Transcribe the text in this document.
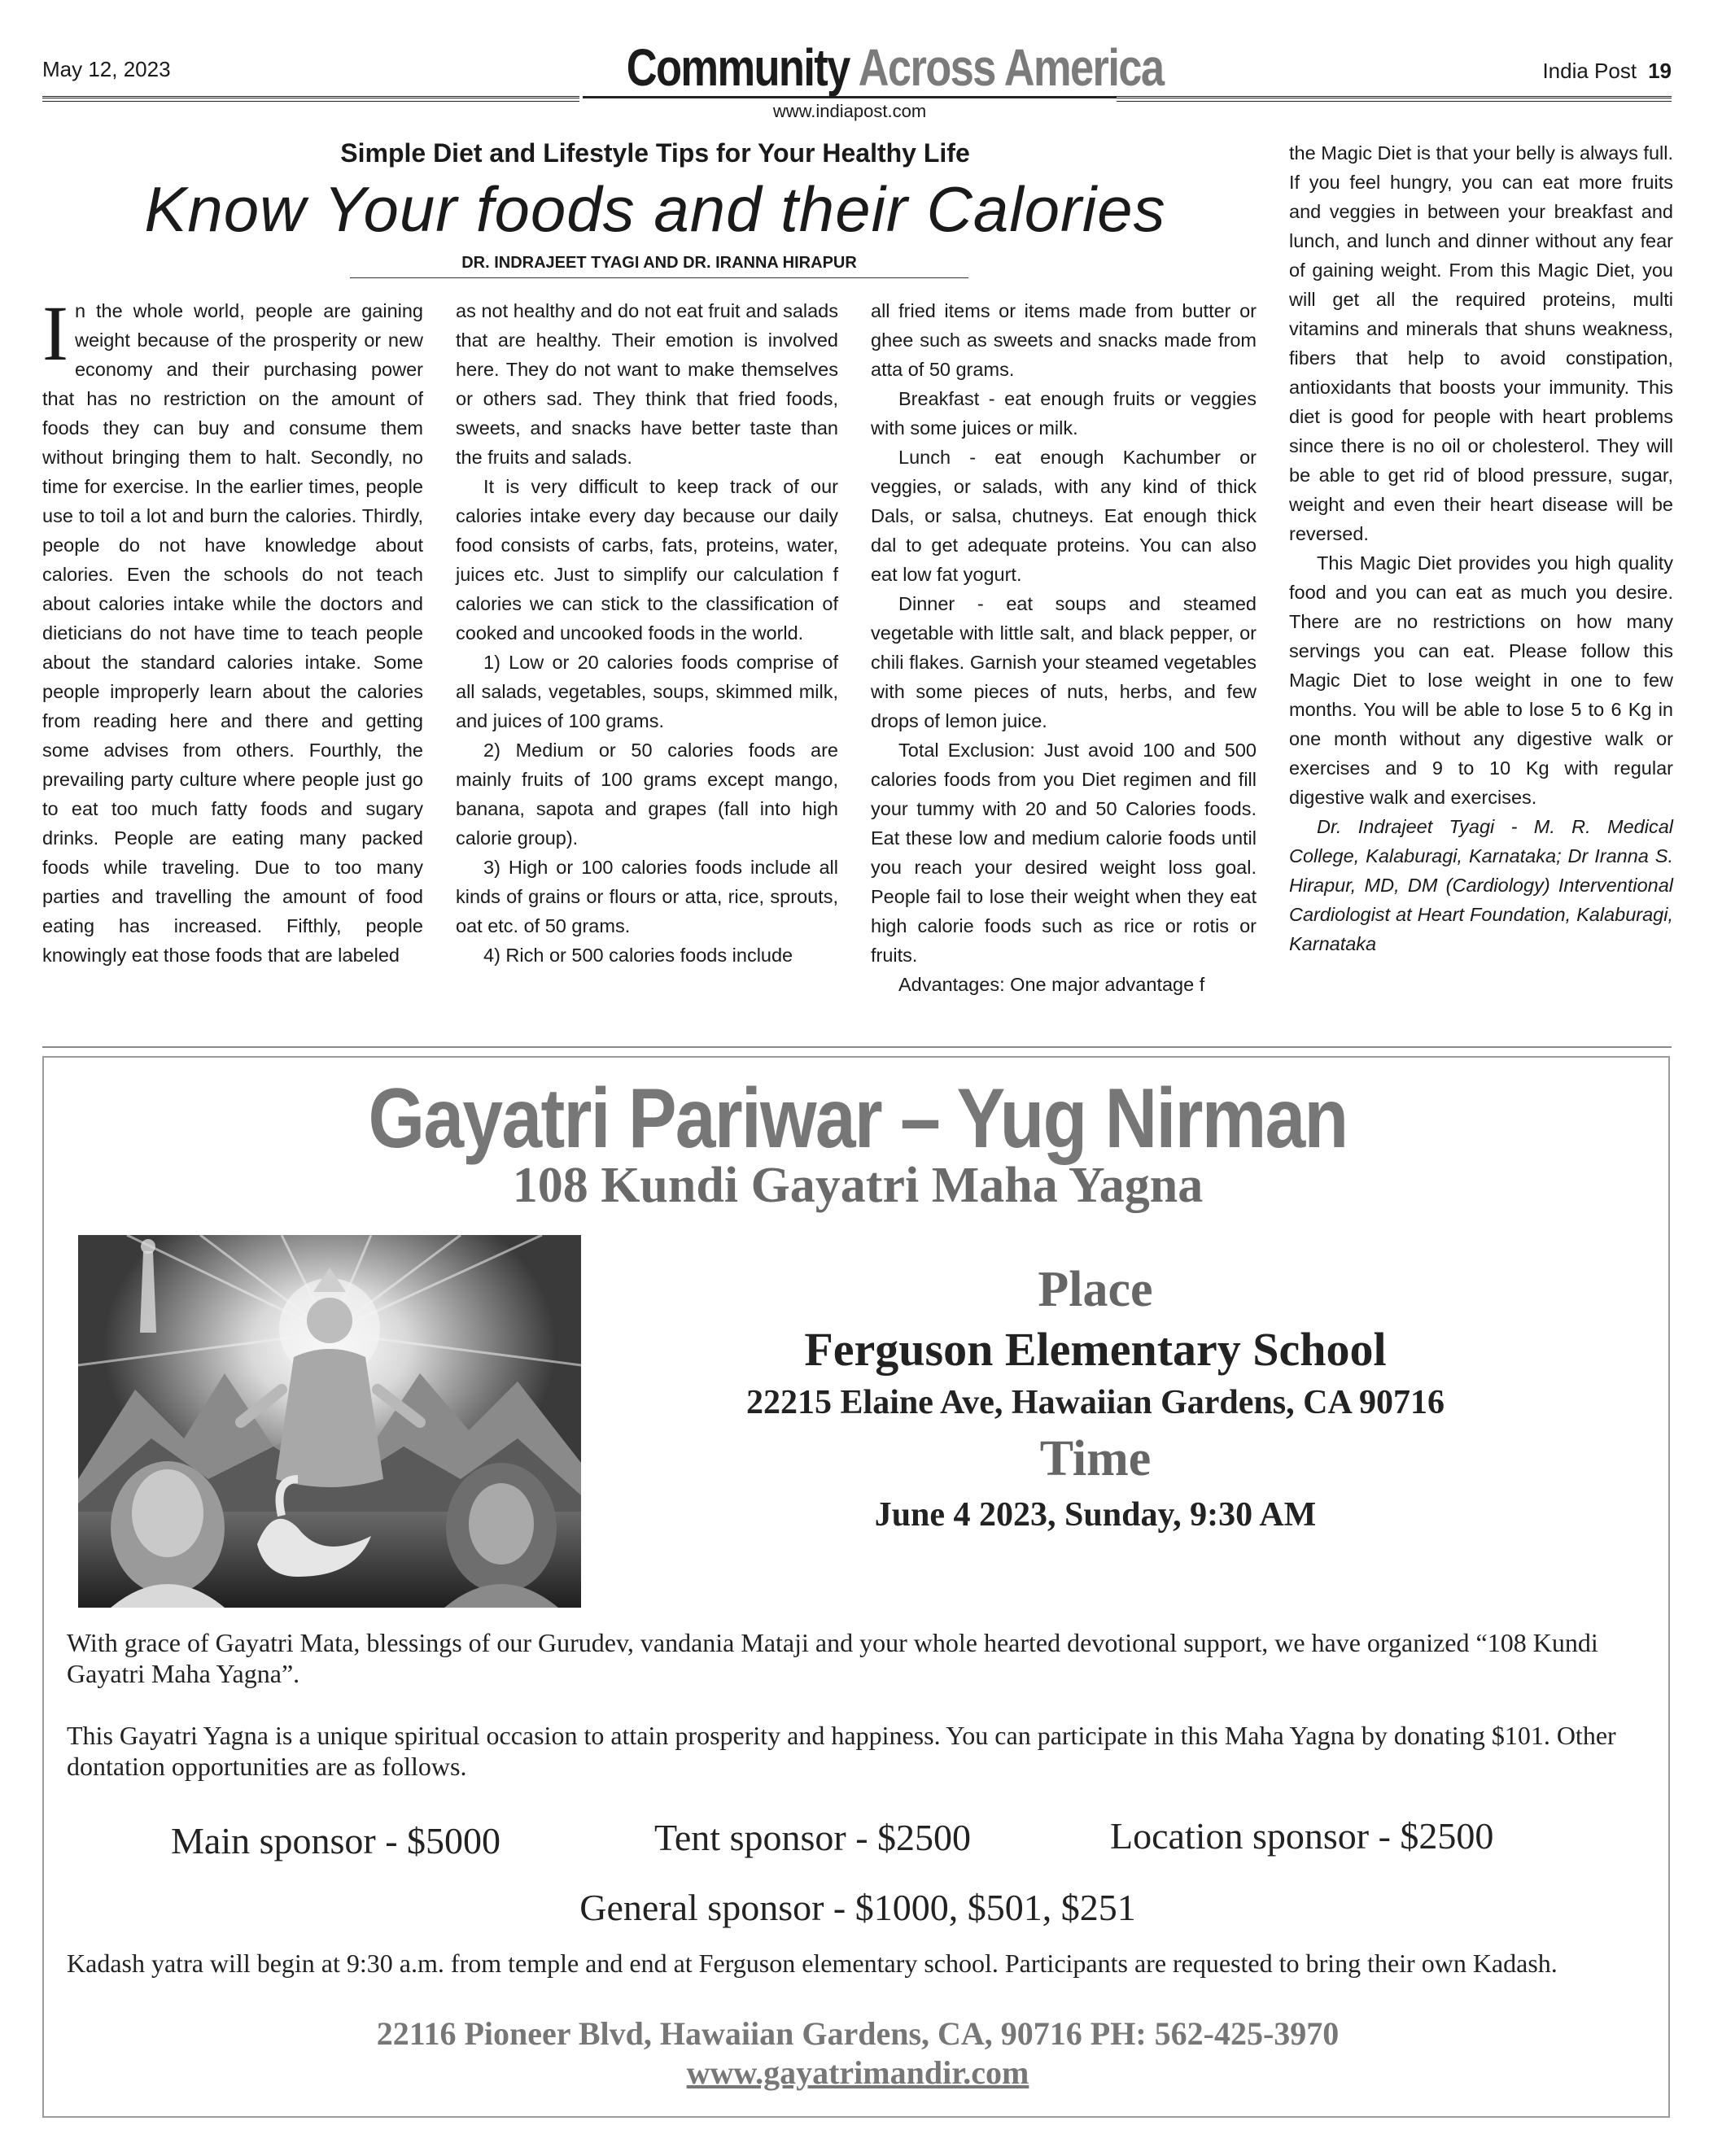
May 12, 2023	Community Across America
www.indiapost.com
India Post 19
Simple Diet and Lifestyle Tips for Your Healthy Life
Know Your foods and their Calories
DR. INDRAJEET TYAGI AND DR. IRANNA HIRAPUR

In the whole world, people are gaining weight because of the prosperity or new economy and their purchasing power that has no restriction on the amount of foods they can buy and consume them without bringing them to halt. Secondly, no time for exercise. In the earlier times, people use to toil a lot and burn the calories. Thirdly, people do not have knowledge about calories. Even the schools do not teach about calories intake while the doctors and dieticians do not have time to teach people about the standard calories intake. Some people improperly learn about the calories from reading here and there and getting some advises from others. Fourthly, the prevailing party culture where people just go to eat too much fatty foods and sugary drinks. People are eating many packed foods while traveling. Due to too many parties and travelling the amount of food eating has increased. Fifthly, people knowingly eat those foods that are labeled

as not healthy and do not eat fruit and salads that are healthy. Their emotion is involved here. They do not want to make themselves or others sad. They think that fried foods, sweets, and snacks have better taste than the fruits and salads.

It is very difficult to keep track of our calories intake every day because our daily food consists of carbs, fats, proteins, water, juices etc. Just to simplify our calculation f calories we can stick to the classification of cooked and uncooked foods in the world.

1) Low or 20 calories foods comprise of all salads, vegetables, soups, skimmed milk, and juices of 100 grams.

2) Medium or 50 calories foods are mainly fruits of 100 grams except mango, banana, sapota and grapes (fall into high calorie group).

3) High or 100 calories foods include all kinds of grains or flours or atta, rice, sprouts, oat etc. of 50 grams.

4) Rich or 500 calories foods include

all fried items or items made from butter or ghee such as sweets and snacks made from atta of 50 grams.

Breakfast - eat enough fruits or veggies with some juices or milk.

Lunch - eat enough Kachumber or veggies, or salads, with any kind of thick Dals, or salsa, chutneys. Eat enough thick dal to get adequate proteins. You can also eat low fat yogurt.

Dinner - eat soups and steamed vegetable with little salt, and black pepper, or chili flakes. Garnish your steamed vegetables with some pieces of nuts, herbs, and few drops of lemon juice.

Total Exclusion: Just avoid 100 and 500 calories foods from you Diet regimen and fill your tummy with 20 and 50 Calories foods. Eat these low and medium calorie foods until you reach your desired weight loss goal. People fail to lose their weight when they eat high calorie foods such as rice or rotis or fruits.

Advantages: One major advantage f

the Magic Diet is that your belly is always full. If you feel hungry, you can eat more fruits and veggies in between your breakfast and lunch, and lunch and dinner without any fear of gaining weight. From this Magic Diet, you will get all the required proteins, multi vitamins and minerals that shuns weakness, fibers that help to avoid constipation, antioxidants that boosts your immunity. This diet is good for people with heart problems since there is no oil or cholesterol. They will be able to get rid of blood pressure, sugar, weight and even their heart disease will be reversed.

This Magic Diet provides you high quality food and you can eat as much you desire. There are no restrictions on how many servings you can eat. Please follow this Magic Diet to lose weight in one to few months. You will be able to lose 5 to 6 Kg in one month without any digestive walk or exercises and 9 to 10 Kg with regular digestive walk and exercises.

Dr. Indrajeet Tyagi - M. R. Medical College, Kalaburagi, Karnataka; Dr Iranna S. Hirapur, MD, DM (Cardiology) Interventional Cardiologist at Heart Foundation, Kalaburagi, Karnataka

Gayatri Pariwar – Yug Nirman
108 Kundi Gayatri Maha Yagna
Place
Ferguson Elementary School
22215 Elaine Ave, Hawaiian Gardens, CA 90716
Time
June 4 2023, Sunday, 9:30 AM
With grace of Gayatri Mata, blessings of our Gurudev, vandania Mataji and your whole hearted devotional support, we have organized “108 Kundi Gayatri Maha Yagna”.
This Gayatri Yagna is a unique spiritual occasion to attain prosperity and happiness. You can participate in this Maha Yagna by donating $101. Other dontation opportunities are as follows.
Main sponsor - $5000	Tent sponsor - $2500	Location sponsor - $2500
General sponsor - $1000, $501, $251
Kadash yatra will begin at 9:30 a.m. from temple and end at Ferguson elementary school. Participants are requested to bring their own Kadash.
22116 Pioneer Blvd, Hawaiian Gardens, CA, 90716 PH: 562-425-3970
www.gayatrimandir.com
